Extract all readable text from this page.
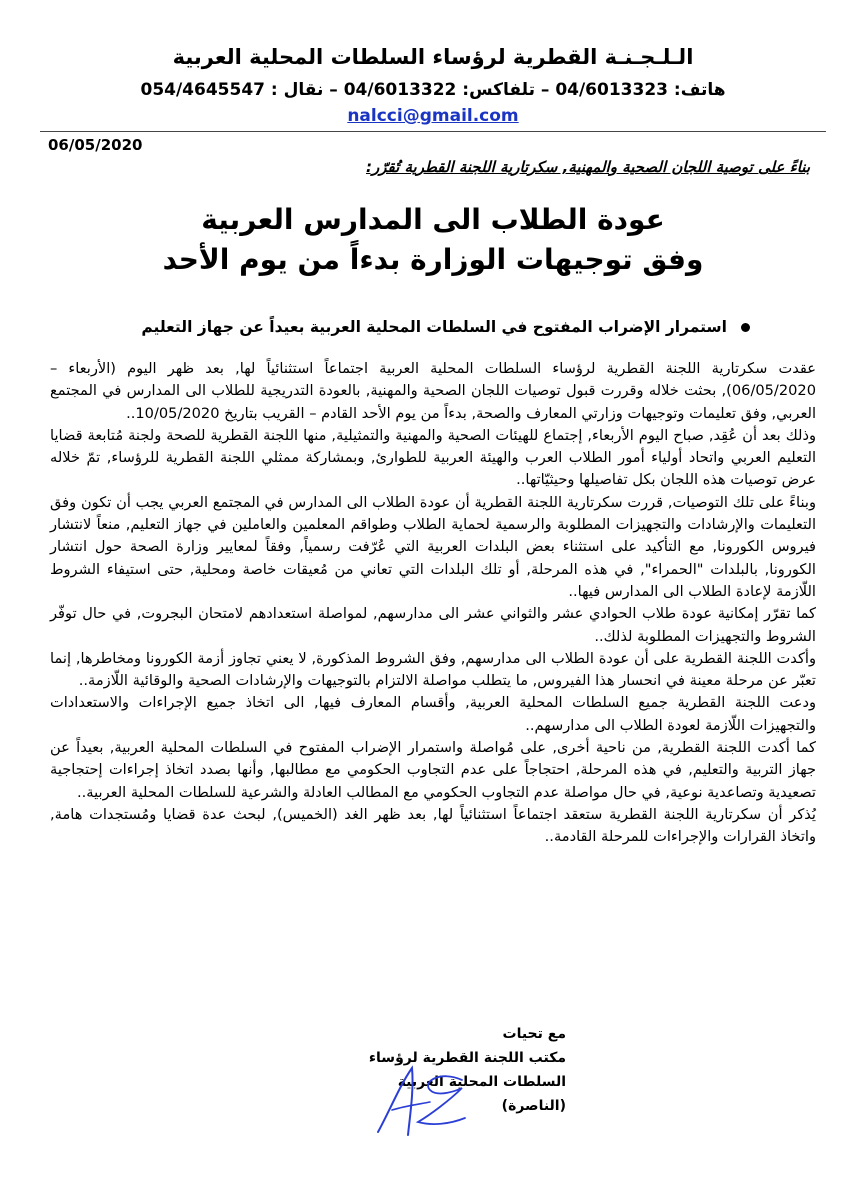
الـلـجـنـة القطرية لرؤساء السلطات المحلية العربية
هاتف: 04/6013323 – تلفاكس: 04/6013322 – نقال : 054/4645547
nalcci@gmail.com
06/05/2020
بناءً على توصية اللجان الصحية والمهنية, سكرتارية اللجنة القطرية تُقرّر:
عودة الطلاب الى المدارس العربية
وفق توجيهات الوزارة بدءاً من يوم الأحد
استمرار الإضراب المفتوح في السلطات المحلية العربية بعيداً عن جهاز التعليم

عقدت سكرتارية اللجنة القطرية لرؤساء السلطات المحلية العربية اجتماعاً استثنائياً لها, بعد ظهر اليوم (الأربعاء – 06/05/2020), بحثت خلاله وقررت قبول توصيات اللجان الصحية والمهنية, بالعودة التدريجية للطلاب الى المدارس في المجتمع العربي, وفق تعليمات وتوجيهات وزارتي المعارف والصحة, بدءاً من يوم الأحد القادم – القريب بتاريخ 10/05/2020..

وذلك بعد أن عُقِد, صباح اليوم الأربعاء, إجتماع للهيئات الصحية والمهنية والتمثيلية, منها اللجنة القطرية للصحة ولجنة مُتابعة قضايا التعليم العربي واتحاد أولياء أمور الطلاب العرب والهيئة العربية للطوارئ, وبمشاركة ممثلي اللجنة القطرية للرؤساء, تمّ خلاله عرض توصيات هذه اللجان بكل تفاصيلها وحيثيّاتها..

وبناءً على تلك التوصيات, قررت سكرتارية اللجنة القطرية أن عودة الطلاب الى المدارس في المجتمع العربي يجب أن تكون وفق التعليمات والإرشادات والتجهيزات المطلوبة والرسمية لحماية الطلاب وطواقم المعلمين والعاملين في جهاز التعليم, منعاً لانتشار فيروس الكورونا, مع التأكيد على استثناء بعض البلدات العربية التي عُرّفت رسمياً, وفقاً لمعايير وزارة الصحة حول انتشار الكورونا, بالبلدات "الحمراء", في هذه المرحلة, أو تلك البلدات التي تعاني من مُعيقات خاصة ومحلية, حتى استيفاء الشروط اللّازمة لإعادة الطلاب الى المدارس فيها..

كما تقرّر إمكانية عودة طلاب الحوادي عشر والثواني عشر الى مدارسهم, لمواصلة استعدادهم لامتحان البجروت, في حال توفّر الشروط والتجهيزات المطلوبة لذلك..

وأكدت اللجنة القطرية على أن عودة الطلاب الى مدارسهم, وفق الشروط المذكورة, لا يعني تجاوز أزمة الكورونا ومخاطرها, إنما تعبّر عن مرحلة معينة في انحسار هذا الفيروس, ما يتطلب مواصلة الالتزام بالتوجيهات والإرشادات الصحية والوقائية اللّازمة..

ودعت اللجنة القطرية جميع السلطات المحلية العربية, وأقسام المعارف فيها, الى اتخاذ جميع الإجراءات والاستعدادات والتجهيزات اللّازمة لعودة الطلاب الى مدارسهم..

كما أكدت اللجنة القطرية, من ناحية أخرى, على مُواصلة واستمرار الإضراب المفتوح في السلطات المحلية العربية, بعيداً عن جهاز التربية والتعليم, في هذه المرحلة, احتجاجاً على عدم التجاوب الحكومي مع مطالبها, وأنها بصدد اتخاذ إجراءات إحتجاجية تصعيدية وتصاعدية نوعية, في حال مواصلة عدم التجاوب الحكومي مع المطالب العادلة والشرعية للسلطات المحلية العربية..

يُذكر أن سكرتارية اللجنة القطرية ستعقد اجتماعاً استثنائياً لها, بعد ظهر الغد (الخميس), لبحث عدة قضايا ومُستجدات هامة, واتخاذ القرارات والإجراءات للمرحلة القادمة..

مع تحيات
مكتب اللجنة القطرية لرؤساء
السلطات المحلية العربية
(الناصرة)
